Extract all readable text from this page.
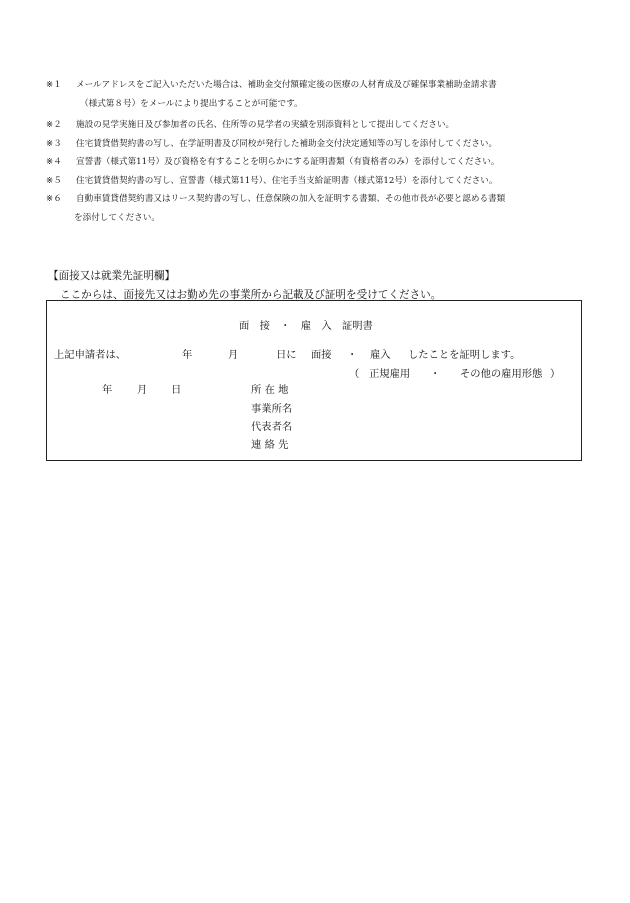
※１ メールアドレスをご記入いただいた場合は、補助金交付額確定後の医療の人材育成及び確保事業補助金請求書
（様式第８号）をメールにより提出することが可能です。
※２ 施設の見学実施日及び参加者の氏名、住所等の見学者の実績を別添資料として提出してください。
※３ 住宅賃貸借契約書の写し、在学証明書及び同校が発行した補助金交付決定通知等の写しを添付してください。
※４ 宣誓書（様式第11号）及び資格を有することを明らかにする証明書類（有資格者のみ）を添付してください。
※５ 住宅賃貸借契約書の写し、宣誓書（様式第11号）、住宅手当支給証明書（様式第12号）を添付してください。
※６ 自動車賃貸借契約書又はリース契約書の写し、任意保険の加入を証明する書類、その他市長が必要と認める書類
を添付してください。
【面接又は就業先証明欄】
ここからは、面接先又はお勤め先の事業所から記載及び証明を受けてください。
面　接　・　雇　入　証明書
上記申請者は、	年	月	日に 面接 ・ 雇入 したことを証明します。
（ 正規雇用 ・ その他の雇用形態 ）
年 月 日	所 在 地
事業所名
代表者名
連 絡 先
